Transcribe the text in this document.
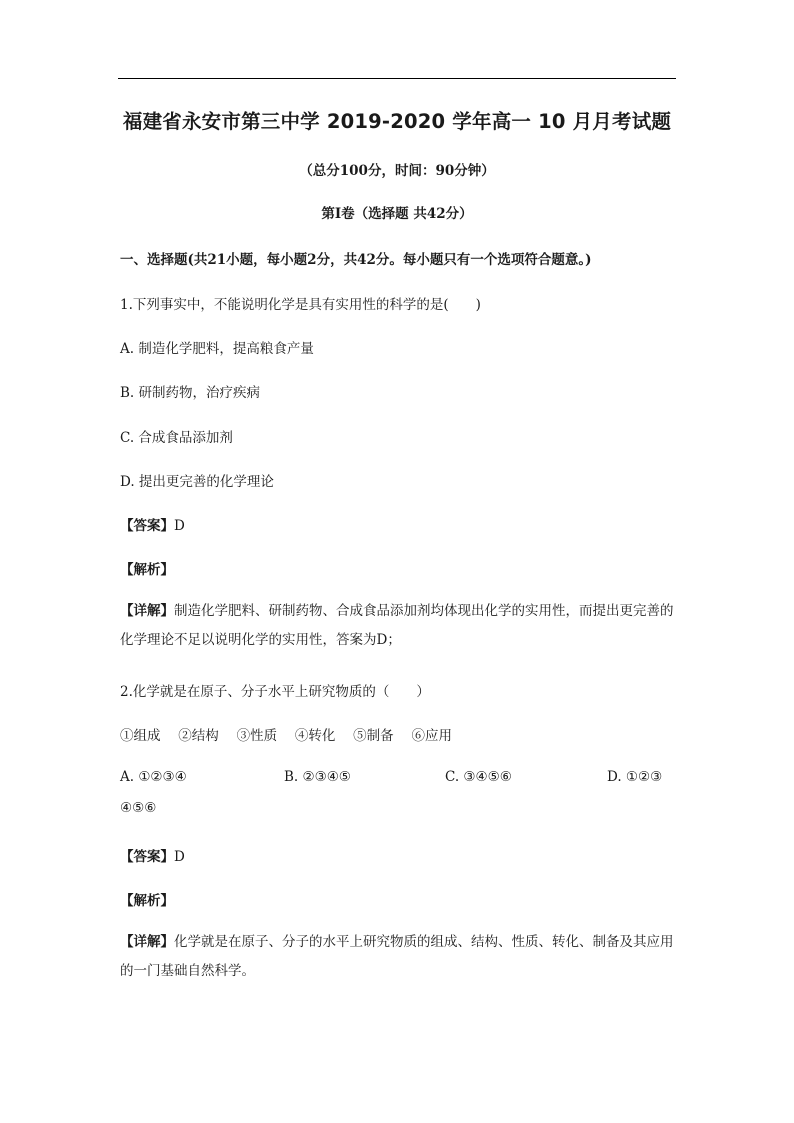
福建省永安市第三中学 2019-2020 学年高一 10 月月考试题
（总分100分，时间：90分钟）
第I卷（选择题 共42分）
一、选择题(共21小题，每小题2分，共42分。每小题只有一个选项符合题意。)
1.下列事实中，不能说明化学是具有实用性的科学的是(　　)
A. 制造化学肥料，提高粮食产量
B. 研制药物，治疗疾病
C. 合成食品添加剂
D. 提出更完善的化学理论
【答案】D
【解析】
【详解】制造化学肥料、研制药物、合成食品添加剂均体现出化学的实用性，而提出更完善的化学理论不足以说明化学的实用性，答案为D；
2.化学就是在原子、分子水平上研究物质的（　　）
①组成　 ②结构　 ③性质　 ④转化　 ⑤制备　 ⑥应用
A. ①②③④	B. ②③④⑤	C. ③④⑤⑥	D. ①②③
④⑤⑥
【答案】D
【解析】
【详解】化学就是在原子、分子的水平上研究物质的组成、结构、性质、转化、制备及其应用的一门基础自然科学。
